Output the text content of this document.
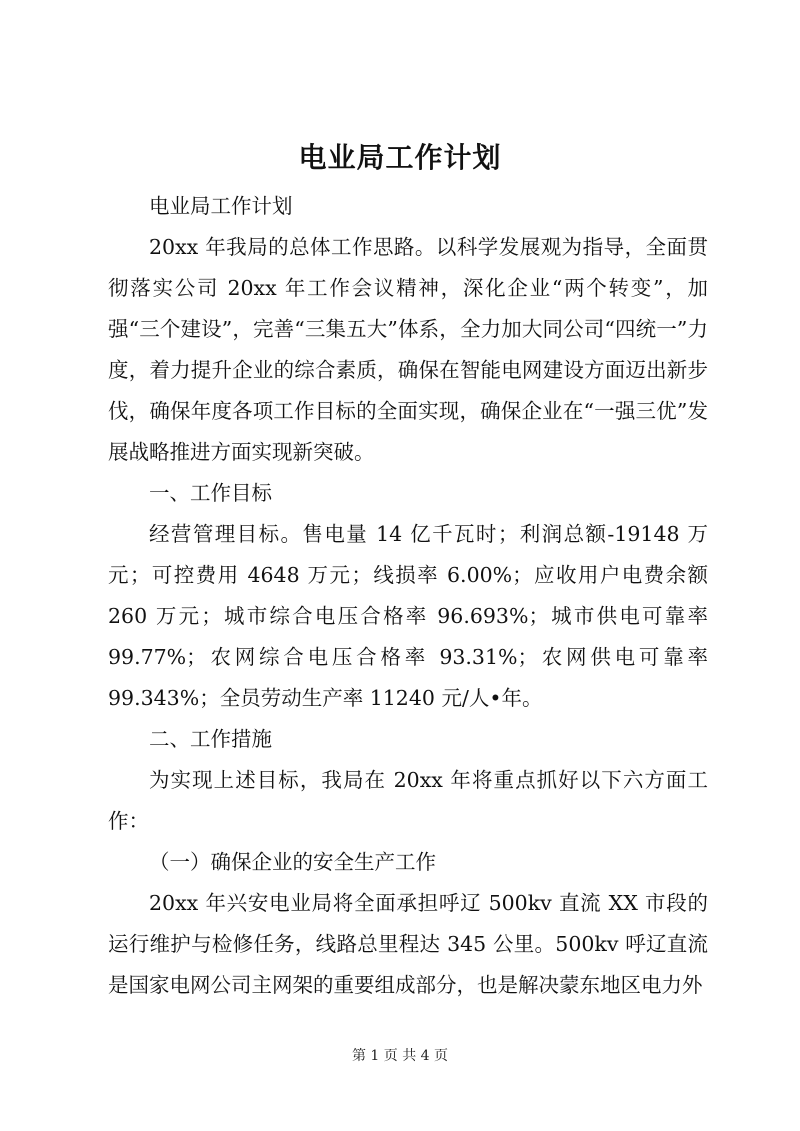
电业局工作计划

电业局工作计划

20xx 年我局的总体工作思路。以科学发展观为指导，全面贯彻落实公司 20xx 年工作会议精神，深化企业“两个转变”，加强“三个建设”，完善“三集五大”体系，全力加大同公司“四统一”力度，着力提升企业的综合素质，确保在智能电网建设方面迈出新步伐，确保年度各项工作目标的全面实现，确保企业在“一强三优”发展战略推进方面实现新突破。

一、工作目标

经营管理目标。售电量 14 亿千瓦时；利润总额-19148 万元；可控费用 4648 万元；线损率 6.00%；应收用户电费余额 260 万元；城市综合电压合格率 96.693%；城市供电可靠率 99.77%；农网综合电压合格率 93.31%；农网供电可靠率 99.343%；全员劳动生产率 11240 元/人•年。

二、工作措施

为实现上述目标，我局在 20xx 年将重点抓好以下六方面工作：

（一）确保企业的安全生产工作

20xx 年兴安电业局将全面承担呼辽 500kv 直流 XX 市段的运行维护与检修任务，线路总里程达 345 公里。500kv 呼辽直流是国家电网公司主网架的重要组成部分，也是解决蒙东地区电力外

第 1 页 共 4 页
